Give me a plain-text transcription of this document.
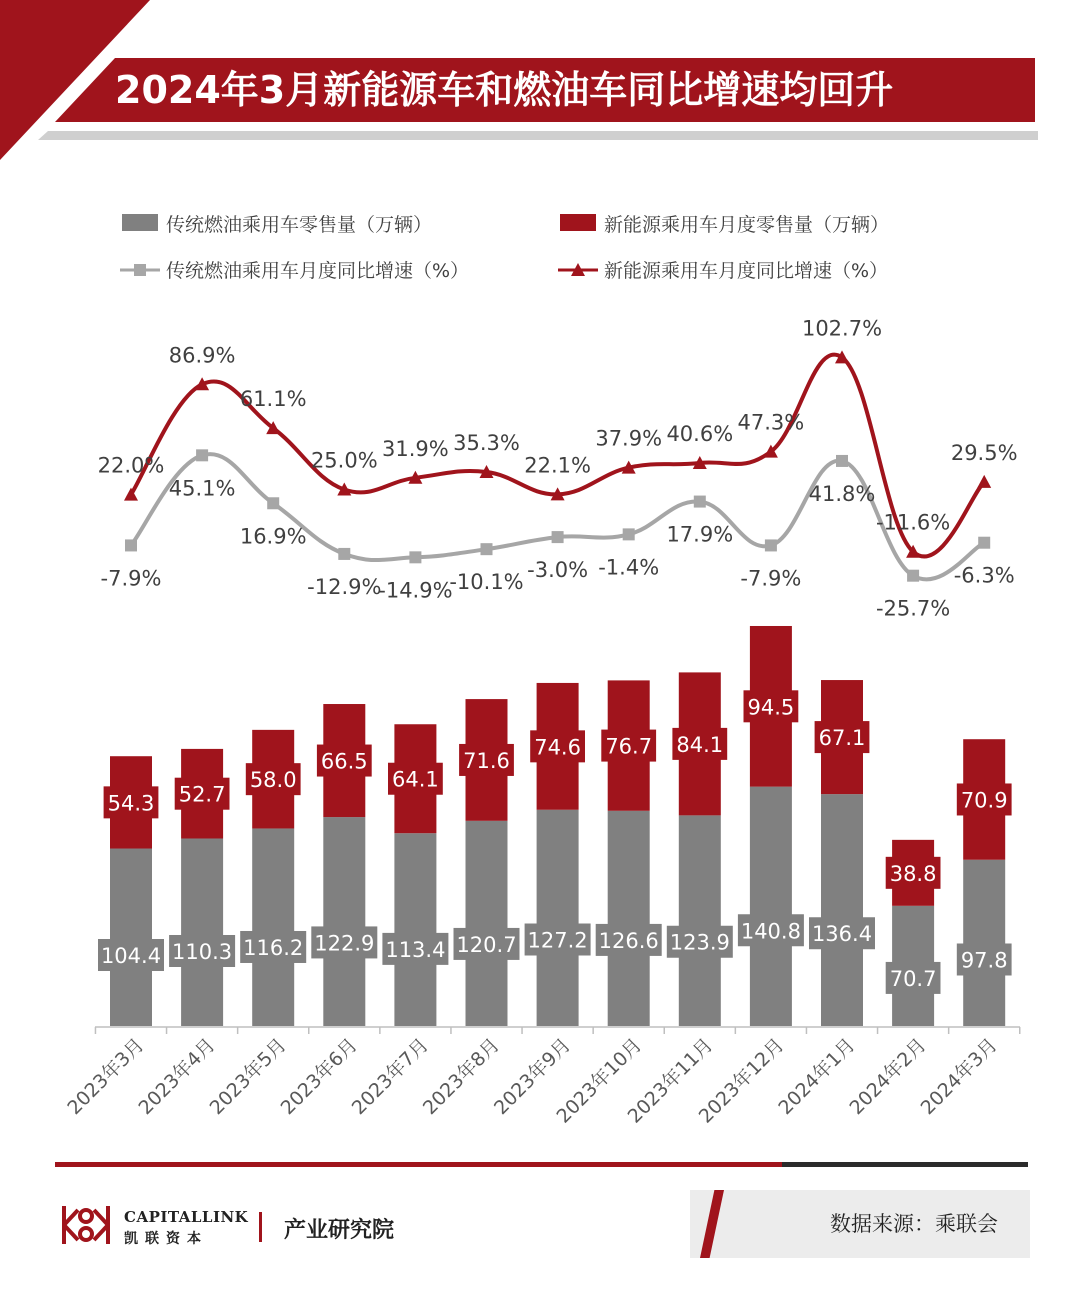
2024年3月新能源车和燃油车同比增速均回升
传统燃油乘用车零售量（万辆）	新能源乘用车月度零售量（万辆）
传统燃油乘用车月度同比增速（%）	新能源乘用车月度同比增速（%）
104.4
54.3
110.3
52.7
116.2
58.0
122.9
66.5
113.4
64.1
120.7
71.6
127.2
74.6
126.6
76.7
123.9
84.1
140.8
94.5
136.4
67.1
70.7
38.8
97.8
70.9
-7.9%
45.1%
16.9%
-12.9%
-14.9%
-10.1%
-3.0% -1.4%
17.9%
-7.9%
41.8%
-25.7%
-6.3%
22.0%
86.9%
61.1%
25.0% 31.9% 35.3%
22.1%
37.9% 40.6% 47.3%
102.7%
-11.6%
29.5%
2023年3月
2023年4月
2023年5月
2023年6月
2023年7月
2023年8月
2023年9月
2023年10月
2023年11月
2023年12月
2024年1月
2024年2月
2024年3月
CAPITALLINK
凯联资本	产业研究院	数据来源：乘联会
